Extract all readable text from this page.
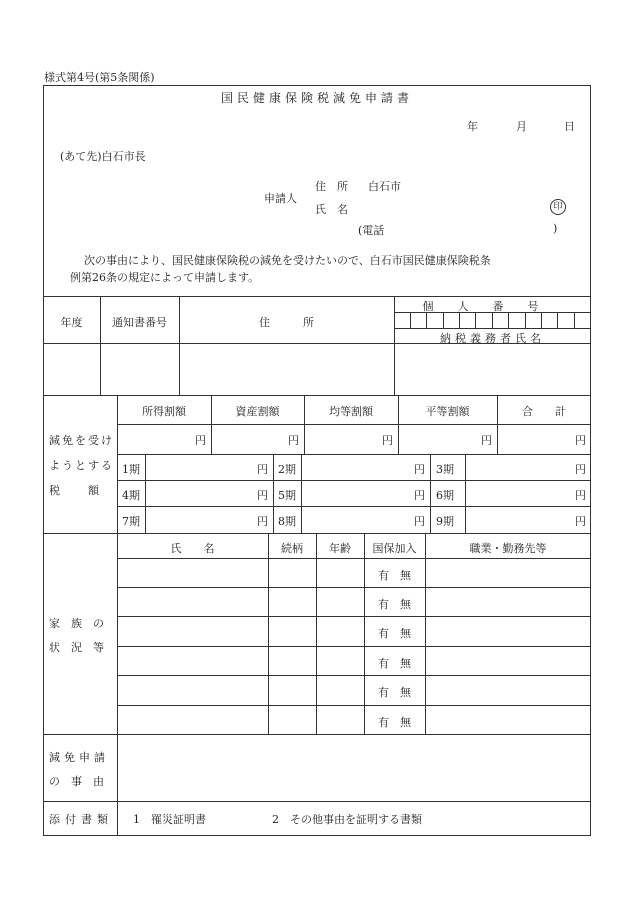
様式第4号(第5条関係)
国民健康保険税減免申請書
年	月	日
(あて先)白石市長
申請人
住　所 白石市
氏　名	印
(電話	)
次の事由により、国民健康保険税の減免を受けたいので、白石市国民健康保険税条
例第26条の規定によって申請します。
年度	通知書番号	住　　　所
個人番号
納税義務者氏名
減免を受け
ようとする
税　　額
所得割額	資産割額	均等割額	平等割額	合　　計
円	円	円	円	円
1期	円 2期	円 3期	円
4期	円 5期	円 6期	円
7期	円 8期	円 9期	円
家　族　の
状　況　等
氏　　名	続柄	年齢	国保加入	職業・勤務先等
有　無
有　無
有　無
有　無
有　無
有　無
減免申請
の　事　由
添付書類 1　罹災証明書	2　その他事由を証明する書類
